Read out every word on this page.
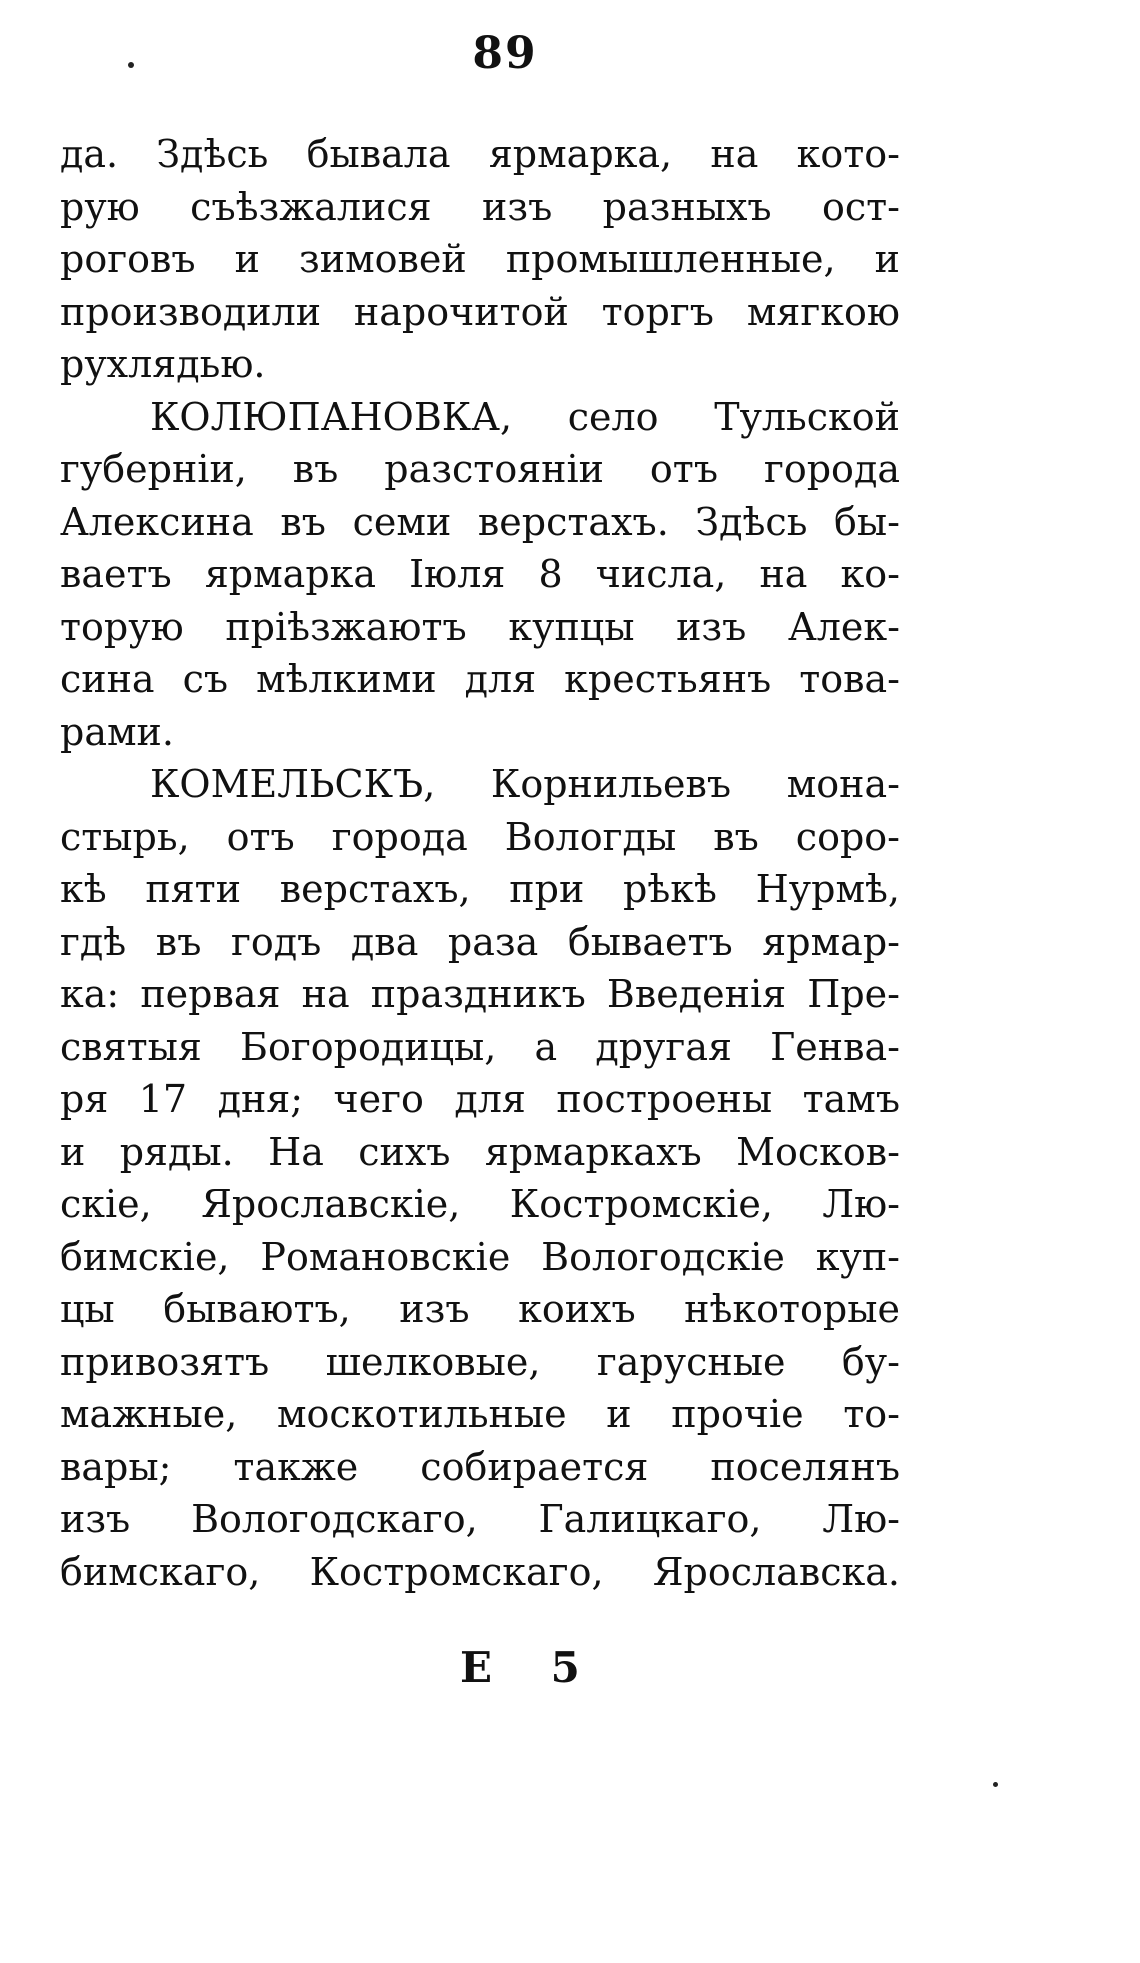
89
да. Здѣсь бывала ярмарка, на кото-
рую съѣзжалися изъ разныхъ ост-
роговъ и зимовей промышленные, и
производили нарочитой торгъ мягкою
рухлядью.
КОЛЮПАНОВКА, село Тульской
губернiи, въ разстоянiи отъ города
Алексина въ семи верстахъ. Здѣсь бы-
ваетъ ярмарка Iюля 8 числа, на ко-
торую прiѣзжаютъ купцы изъ Алек-
сина съ мѣлкими для крестьянъ това-
рами.
КОМЕЛЬСКЪ, Корнильевъ мона-
стырь, отъ города Вологды въ соро-
кѣ пяти верстахъ, при рѣкѣ Нурмѣ,
гдѣ въ годъ два раза бываетъ ярмар-
ка: первая на праздникъ Введенiя Пре-
святыя Богородицы, а другая Генва-
ря 17 дня; чего для построены тамъ
и ряды. На сихъ ярмаркахъ Москов-
скiе, Ярославскiе, Костромскiе, Лю-
бимскiе, Романовскiе Вологодскiе куп-
цы бываютъ, изъ коихъ нѣкоторые
привозятъ шелковые, гарусные бу-
мажные, москотильные и прочiе то-
вары; также собирается поселянъ
изъ Вологодскаго, Галицкаго, Лю-
бимскаго, Костромскаго, Ярославска.
Е 5
